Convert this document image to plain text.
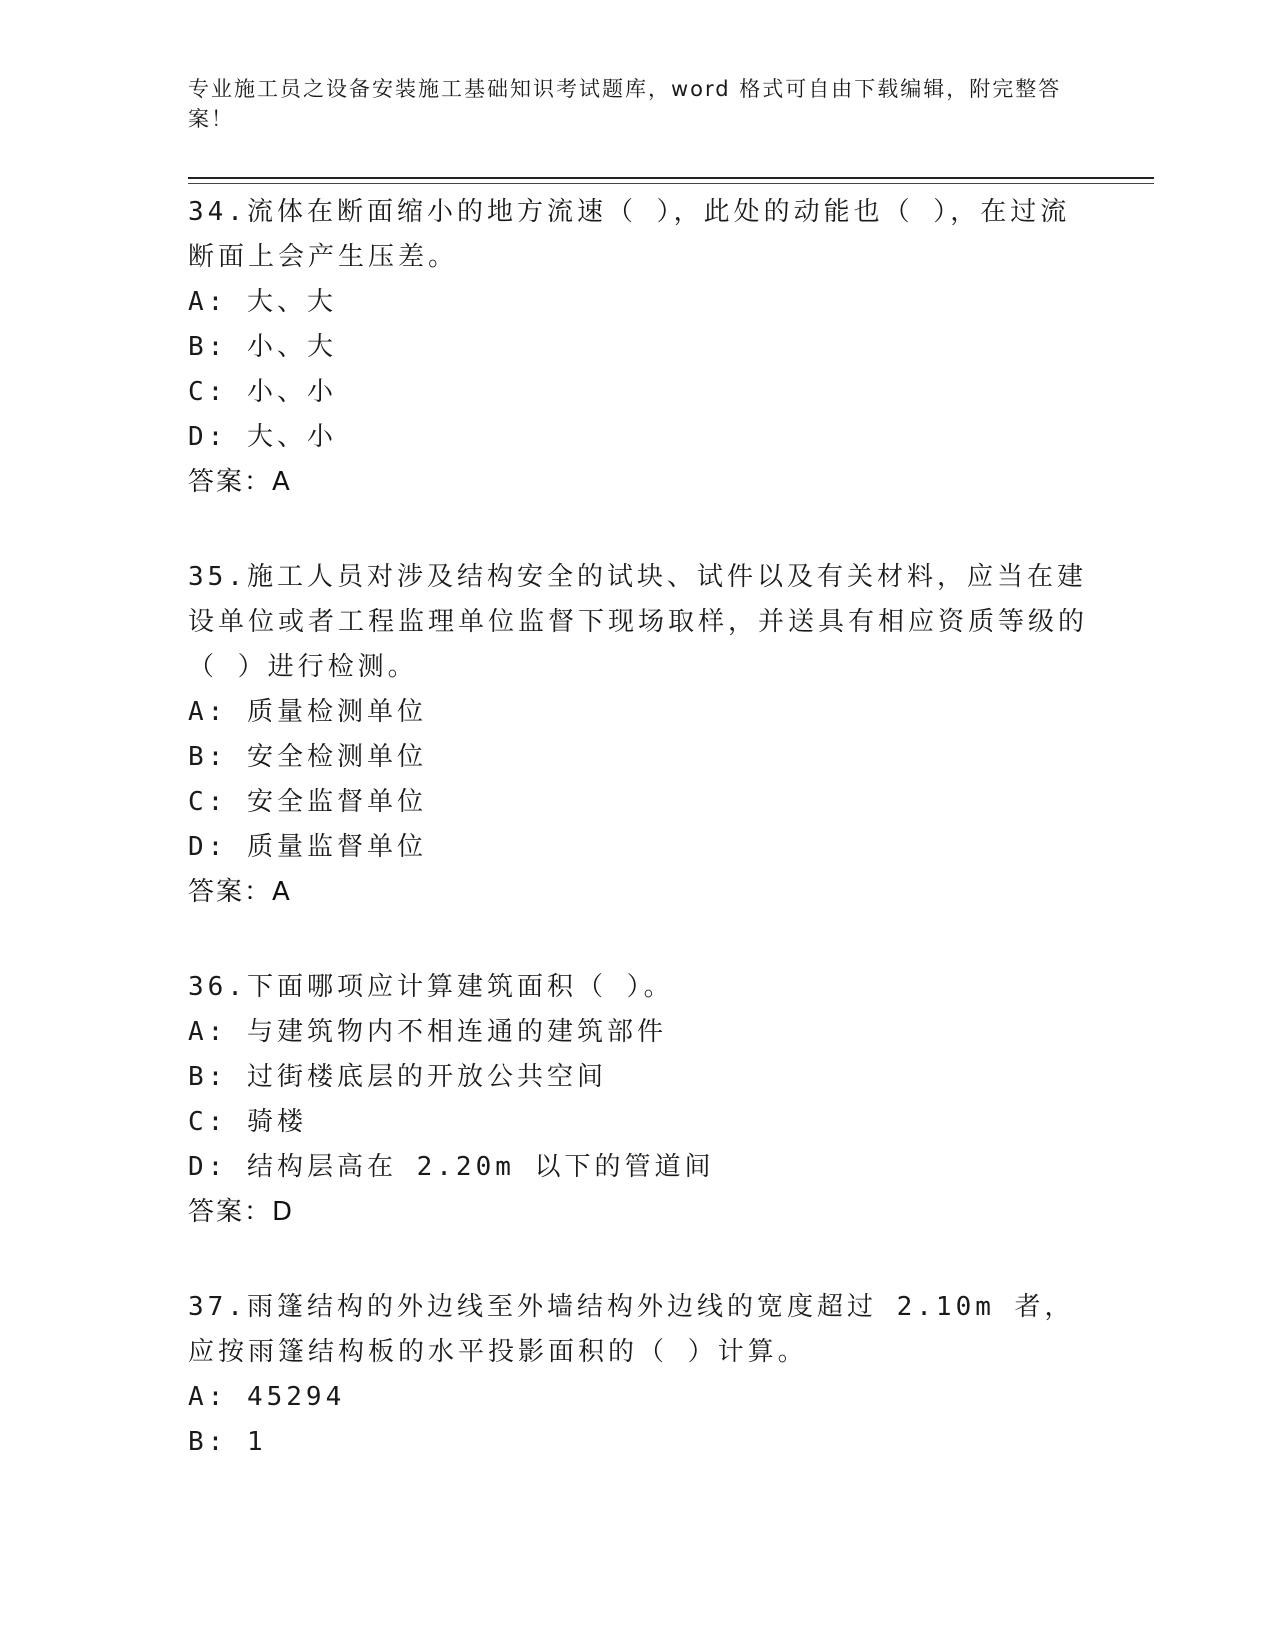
专业施工员之设备安装施工基础知识考试题库，word 格式可自由下载编辑，附完整答案！

34.流体在断面缩小的地方流速（ ），此处的动能也（ ），在过流断面上会产生压差。

A: 大、大
B: 小、大
C: 小、小
D: 大、小
答案：A

35.施工人员对涉及结构安全的试块、试件以及有关材料，应当在建设单位或者工程监理单位监督下现场取样，并送具有相应资质等级的（ ）进行检测。

A: 质量检测单位
B: 安全检测单位
C: 安全监督单位
D: 质量监督单位
答案：A

36.下面哪项应计算建筑面积（ ）。

A: 与建筑物内不相连通的建筑部件
B: 过街楼底层的开放公共空间
C: 骑楼
D: 结构层高在 2.20m 以下的管道间
答案：D

37.雨篷结构的外边线至外墙结构外边线的宽度超过 2.10m 者，应按雨篷结构板的水平投影面积的（ ）计算。

A: 45294
B: 1
